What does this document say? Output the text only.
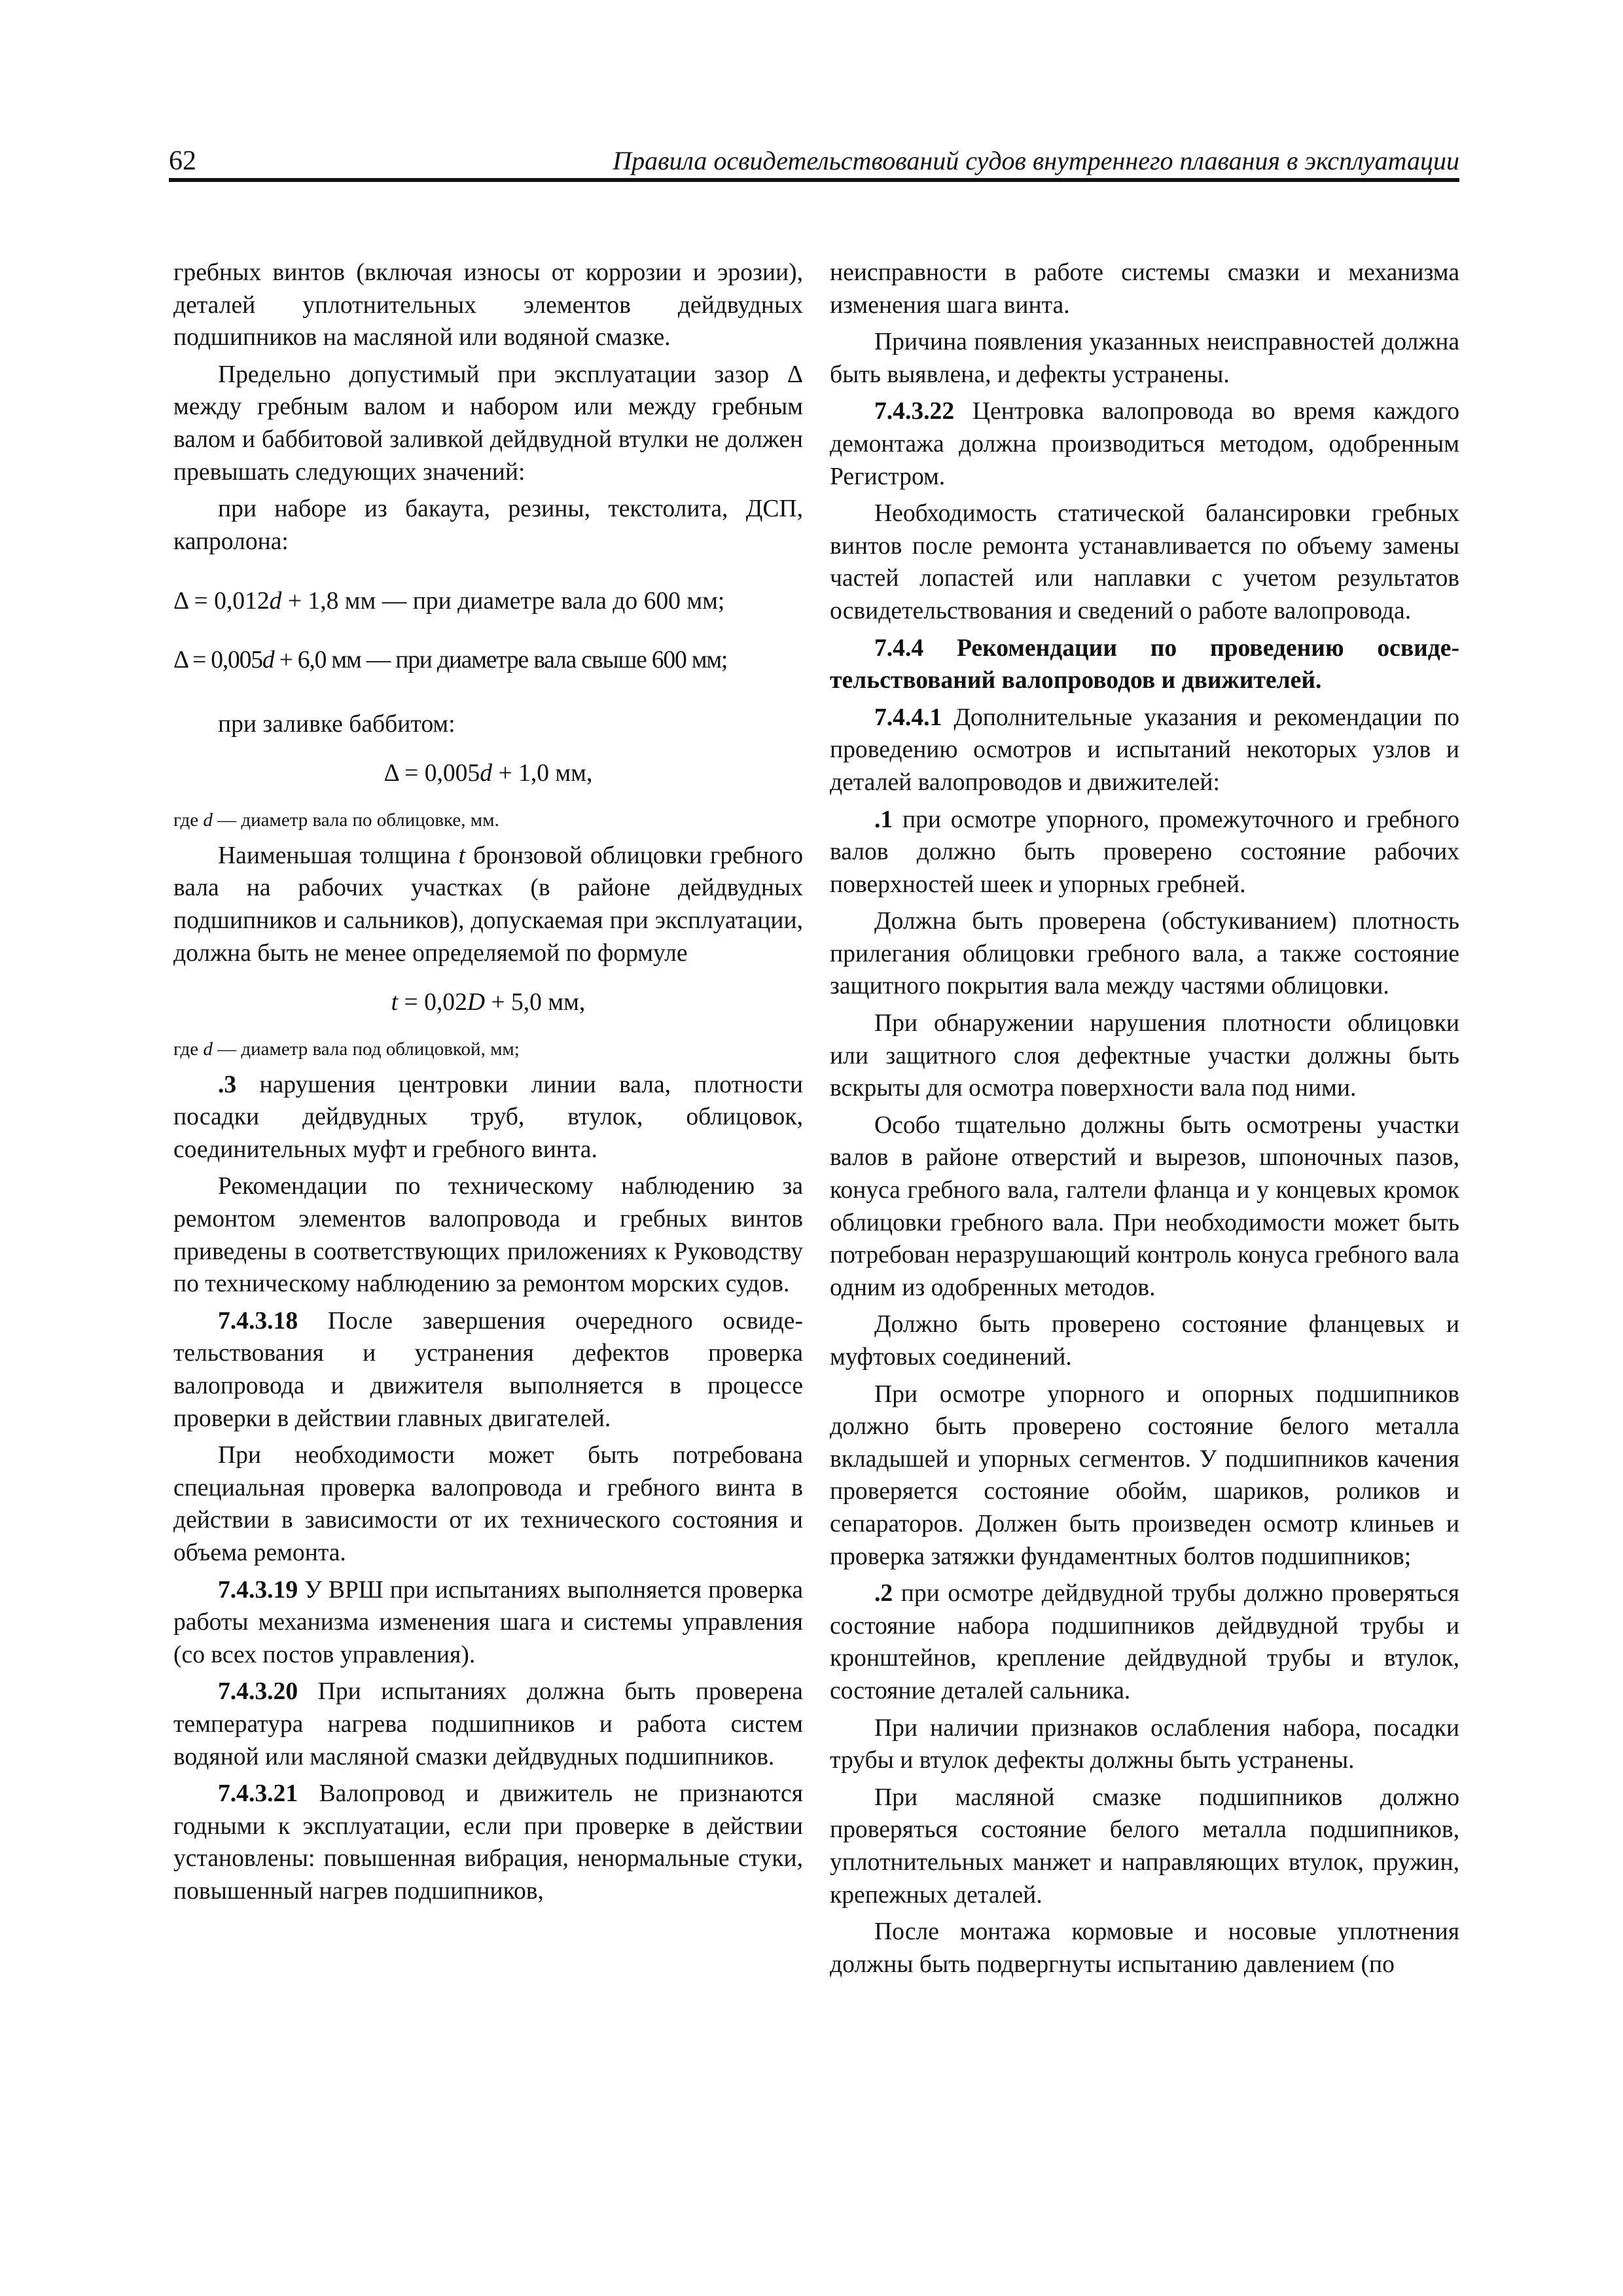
62	Правила освидетельствований судов внутреннего плавания в эксплуатации

гребных винтов (включая износы от коррозии и эрозии), деталей уплотнительных элементов дейдвудных подшипников на масляной или водяной смазке.

Предельно допустимый при эксплуатации зазор Δ между гребным валом и набором или между гребным валом и баббитовой заливкой дейдвудной втулки не должен превышать следующих значений:

при наборе из бакаута, резины, текстолита, ДСП, капролона:

Δ = 0,012d + 1,8 мм — при диаметре вала до 600 мм;

Δ = 0,005d + 6,0 мм — при диаметре вала свыше 600 мм;

при заливке баббитом:

Δ = 0,005d + 1,0 мм,

где d — диаметр вала по облицовке, мм.

Наименьшая толщина t бронзовой облицовки гребного вала на рабочих участках (в районе дейдвудных подшипников и сальников), допускаемая при эксплуатации, должна быть не менее определяемой по формуле

t = 0,02D + 5,0 мм,

где d — диаметр вала под облицовкой, мм;

.3 нарушения центровки линии вала, плотности посадки дейдвудных труб, втулок, облицовок, соединительных муфт и гребного винта.

Рекомендации по техническому наблюдению за ремонтом элементов валопровода и гребных винтов приведены в соответствующих приложениях к Руководству по техническому наблюдению за ремонтом морских судов.

7.4.3.18 После завершения очередного освидетельствования и устранения дефектов проверка валопровода и движителя выполняется в процессе проверки в действии главных двигателей.

При необходимости может быть потребована специальная проверка валопровода и гребного винта в действии в зависимости от их технического состояния и объема ремонта.

7.4.3.19 У ВРШ при испытаниях выполняется проверка работы механизма изменения шага и системы управления (со всех постов управления).

7.4.3.20 При испытаниях должна быть проверена температура нагрева подшипников и работа систем водяной или масляной смазки дейдвудных подшипников.

7.4.3.21 Валопровод и движитель не признаются годными к эксплуатации, если при проверке в действии установлены: повышенная вибрация, ненормальные стуки, повышенный нагрев подшипников,

неисправности в работе системы смазки и механизма изменения шага винта.

Причина появления указанных неисправностей должна быть выявлена, и дефекты устранены.

7.4.3.22 Центровка валопровода во время каждого демонтажа должна производиться методом, одобренным Регистром.

Необходимость статической балансировки гребных винтов после ремонта устанавливается по объему замены частей лопастей или наплавки с учетом результатов освидетельствования и сведений о работе валопровода.

7.4.4 Рекомендации по проведению освидетельствований валопроводов и движителей.

7.4.4.1 Дополнительные указания и рекомендации по проведению осмотров и испытаний некоторых узлов и деталей валопроводов и движителей:

.1 при осмотре упорного, промежуточного и гребного валов должно быть проверено состояние рабочих поверхностей шеек и упорных гребней.

Должна быть проверена (обстукиванием) плотность прилегания облицовки гребного вала, а также состояние защитного покрытия вала между частями облицовки.

При обнаружении нарушения плотности облицовки или защитного слоя дефектные участки должны быть вскрыты для осмотра поверхности вала под ними.

Особо тщательно должны быть осмотрены участки валов в районе отверстий и вырезов, шпоночных пазов, конуса гребного вала, галтели фланца и у концевых кромок облицовки гребного вала. При необходимости может быть потребован неразрушающий контроль конуса гребного вала одним из одобренных методов.

Должно быть проверено состояние фланцевых и муфтовых соединений.

При осмотре упорного и опорных подшипников должно быть проверено состояние белого металла вкладышей и упорных сегментов. У подшипников качения проверяется состояние обойм, шариков, роликов и сепараторов. Должен быть произведен осмотр клиньев и проверка затяжки фундаментных болтов подшипников;

.2 при осмотре дейдвудной трубы должно проверяться состояние набора подшипников дейдвудной трубы и кронштейнов, крепление дейдвудной трубы и втулок, состояние деталей сальника.

При наличии признаков ослабления набора, посадки трубы и втулок дефекты должны быть устранены.

При масляной смазке подшипников должно проверяться состояние белого металла подшипников, уплотнительных манжет и направляющих втулок, пружин, крепежных деталей.

После монтажа кормовые и носовые уплотнения должны быть подвергнуты испытанию давлением (по
